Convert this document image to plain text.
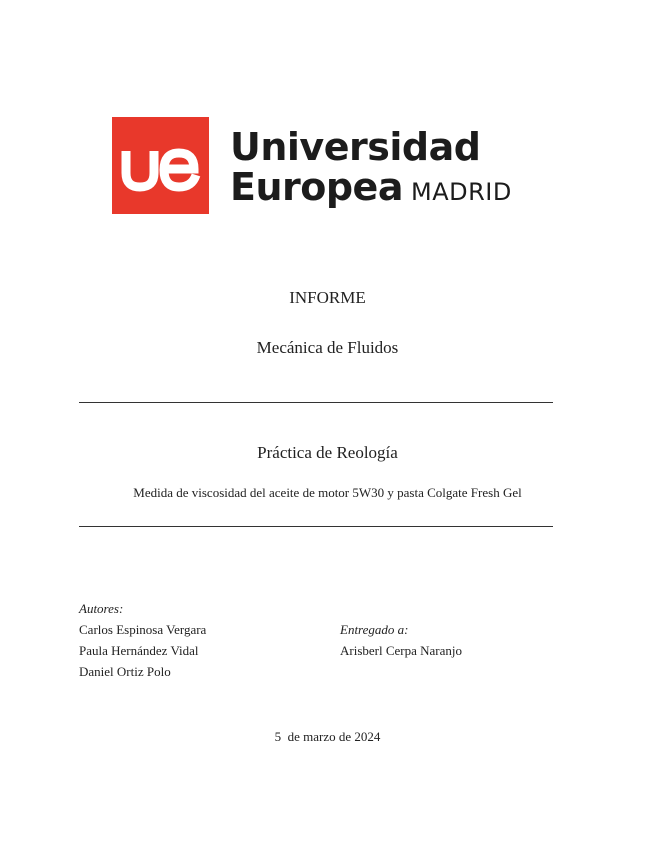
Universidad
Europea MADRID
INFORME
Mecánica de Fluidos
Práctica de Reología
Medida de viscosidad del aceite de motor 5W30 y pasta Colgate Fresh Gel
Autores:
Carlos Espinosa Vergara
Paula Hernández Vidal
Daniel Ortiz Polo
Entregado a:
Arisberl Cerpa Naranjo
5  de marzo de 2024
